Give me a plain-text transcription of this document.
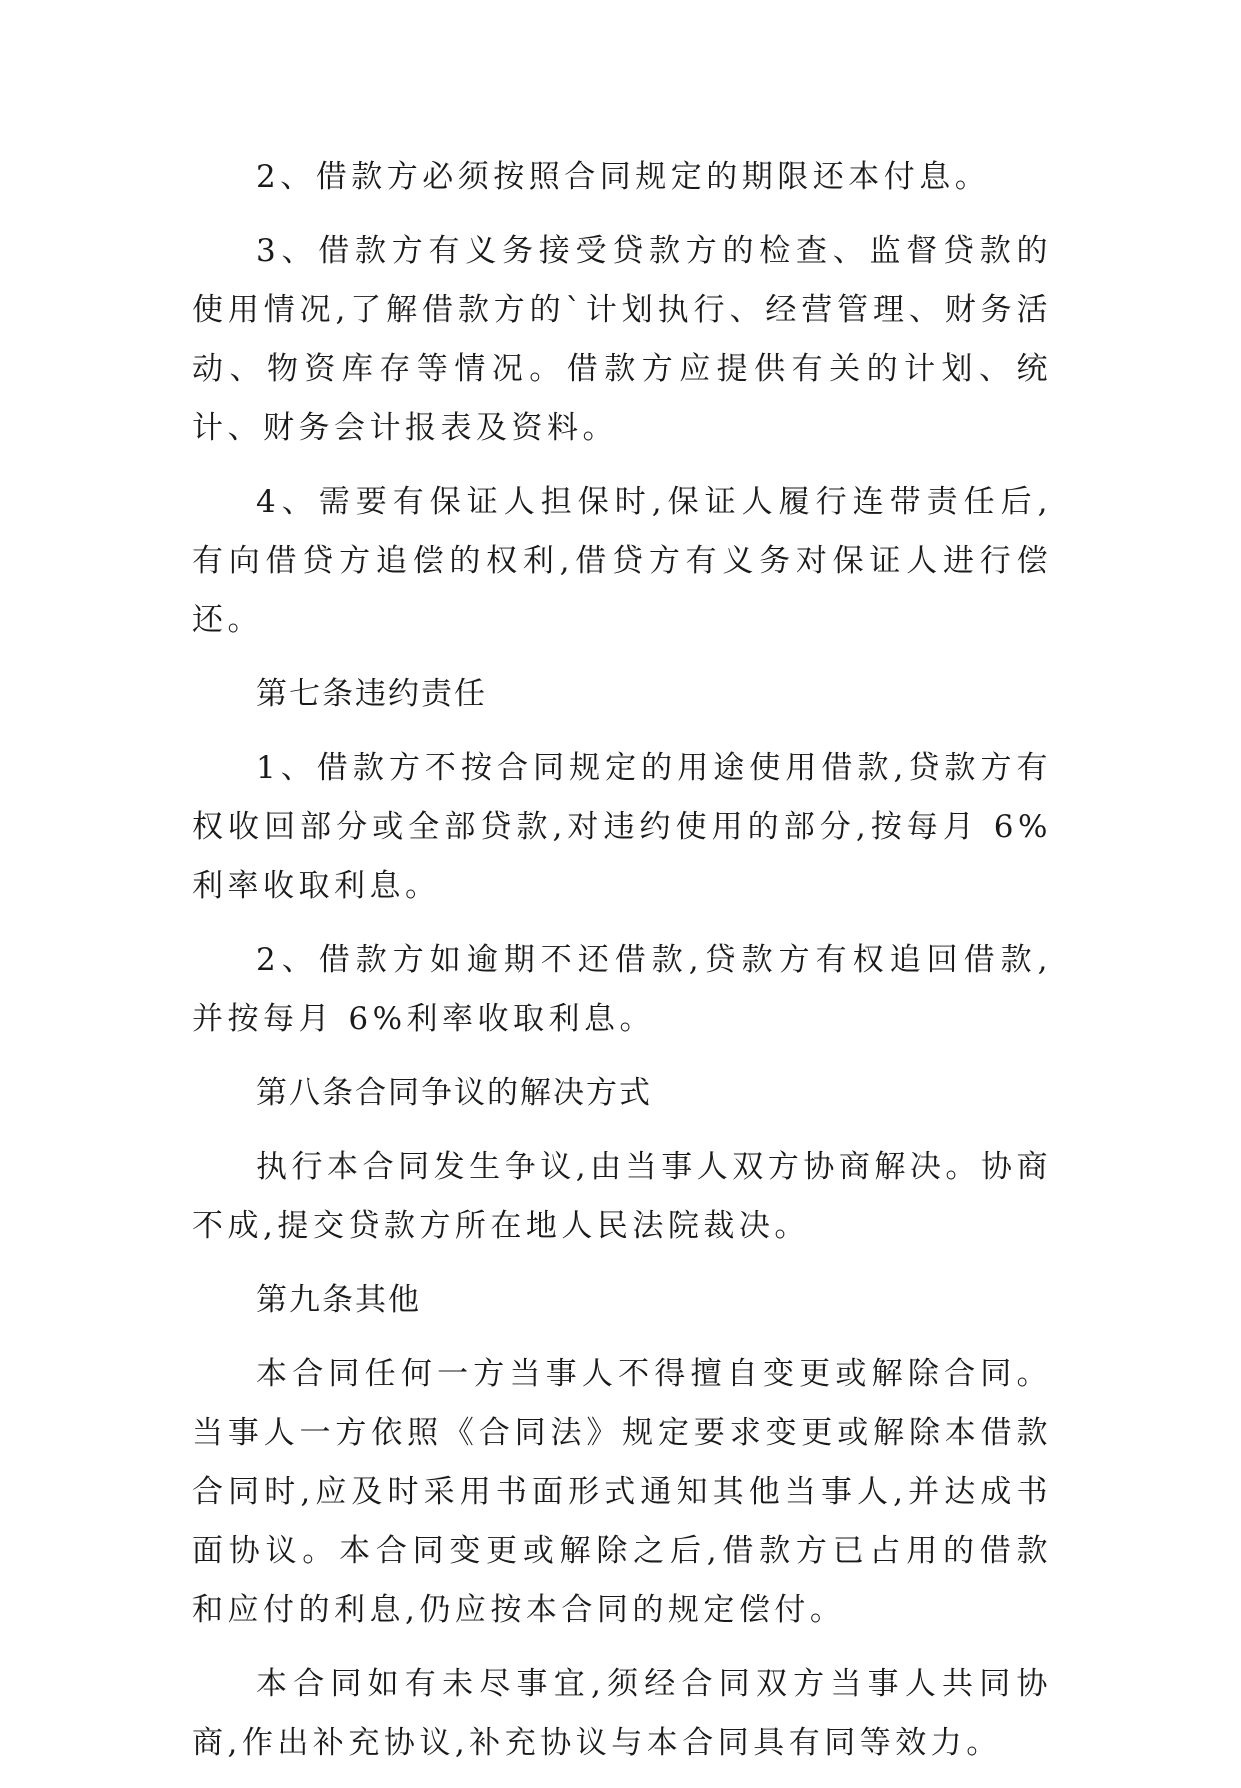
2、借款方必须按照合同规定的期限还本付息。

3、借款方有义务接受贷款方的检查、监督贷款的使用情况,了解借款方的`计划执行、经营管理、财务活动、物资库存等情况。借款方应提供有关的计划、统计、财务会计报表及资料。

4、需要有保证人担保时,保证人履行连带责任后,有向借贷方追偿的权利,借贷方有义务对保证人进行偿还。

第七条违约责任

1、借款方不按合同规定的用途使用借款,贷款方有权收回部分或全部贷款,对违约使用的部分,按每月 6%利率收取利息。

2、借款方如逾期不还借款,贷款方有权追回借款,并按每月 6%利率收取利息。

第八条合同争议的解决方式

执行本合同发生争议,由当事人双方协商解决。协商不成,提交贷款方所在地人民法院裁决。

第九条其他

本合同任何一方当事人不得擅自变更或解除合同。当事人一方依照《合同法》规定要求变更或解除本借款合同时,应及时采用书面形式通知其他当事人,并达成书面协议。本合同变更或解除之后,借款方已占用的借款和应付的利息,仍应按本合同的规定偿付。

本合同如有未尽事宜,须经合同双方当事人共同协商,作出补充协议,补充协议与本合同具有同等效力。
